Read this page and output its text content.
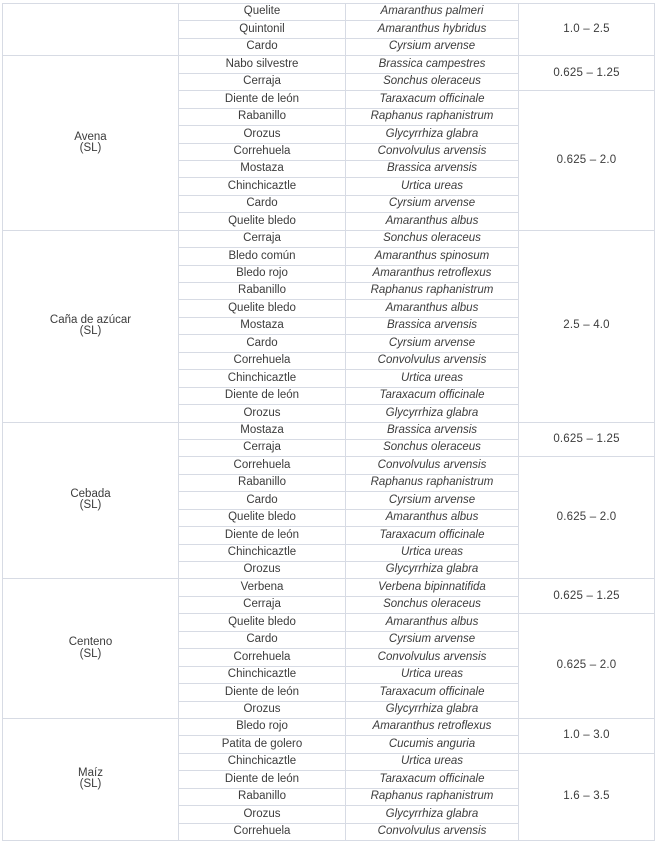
	Quelite	Amaranthus palmeri	1.0 – 2.5
	Quintonil	Amaranthus hybridus	
	Cardo	Cyrsium arvense	

Avena
(SL)	Nabo silvestre	Brassica campestres	0.625 – 1.25
	Cerraja	Sonchus oleraceus	
	Diente de león	Taraxacum officinale	0.625 – 2.0
	Rabanillo	Raphanus raphanistrum	
	Orozus	Glycyrrhiza glabra	
	Correhuela	Convolvulus arvensis	
	Mostaza	Brassica arvensis	
	Chinchicaztle	Urtica ureas	
	Cardo	Cyrsium arvense	
	Quelite bledo	Amaranthus albus	

Caña de azúcar
(SL)	Cerraja	Sonchus oleraceus	2.5 – 4.0
	Bledo común	Amaranthus spinosum	
	Bledo rojo	Amaranthus retroflexus	
	Rabanillo	Raphanus raphanistrum	
	Quelite bledo	Amaranthus albus	
	Mostaza	Brassica arvensis	
	Cardo	Cyrsium arvense	
	Correhuela	Convolvulus arvensis	
	Chinchicaztle	Urtica ureas	
	Diente de león	Taraxacum officinale	
	Orozus	Glycyrrhiza glabra	

Cebada
(SL)	Mostaza	Brassica arvensis	0.625 – 1.25
	Cerraja	Sonchus oleraceus	
	Correhuela	Convolvulus arvensis	0.625 – 2.0
	Rabanillo	Raphanus raphanistrum	
	Cardo	Cyrsium arvense	
	Quelite bledo	Amaranthus albus	
	Diente de león	Taraxacum officinale	
	Chinchicaztle	Urtica ureas	
	Orozus	Glycyrrhiza glabra	

Centeno
(SL)	Verbena	Verbena bipinnatifida	0.625 – 1.25
	Cerraja	Sonchus oleraceus	
	Quelite bledo	Amaranthus albus	0.625 – 2.0
	Cardo	Cyrsium arvense	
	Correhuela	Convolvulus arvensis	
	Chinchicaztle	Urtica ureas	
	Diente de león	Taraxacum officinale	
	Orozus	Glycyrrhiza glabra	

Maíz
(SL)	Bledo rojo	Amaranthus retroflexus	1.0 – 3.0
	Patita de golero	Cucumis anguria	
	Chinchicaztle	Urtica ureas	1.6 – 3.5
	Diente de león	Taraxacum officinale	
	Rabanillo	Raphanus raphanistrum	
	Orozus	Glycyrrhiza glabra	
	Correhuela	Convolvulus arvensis	
